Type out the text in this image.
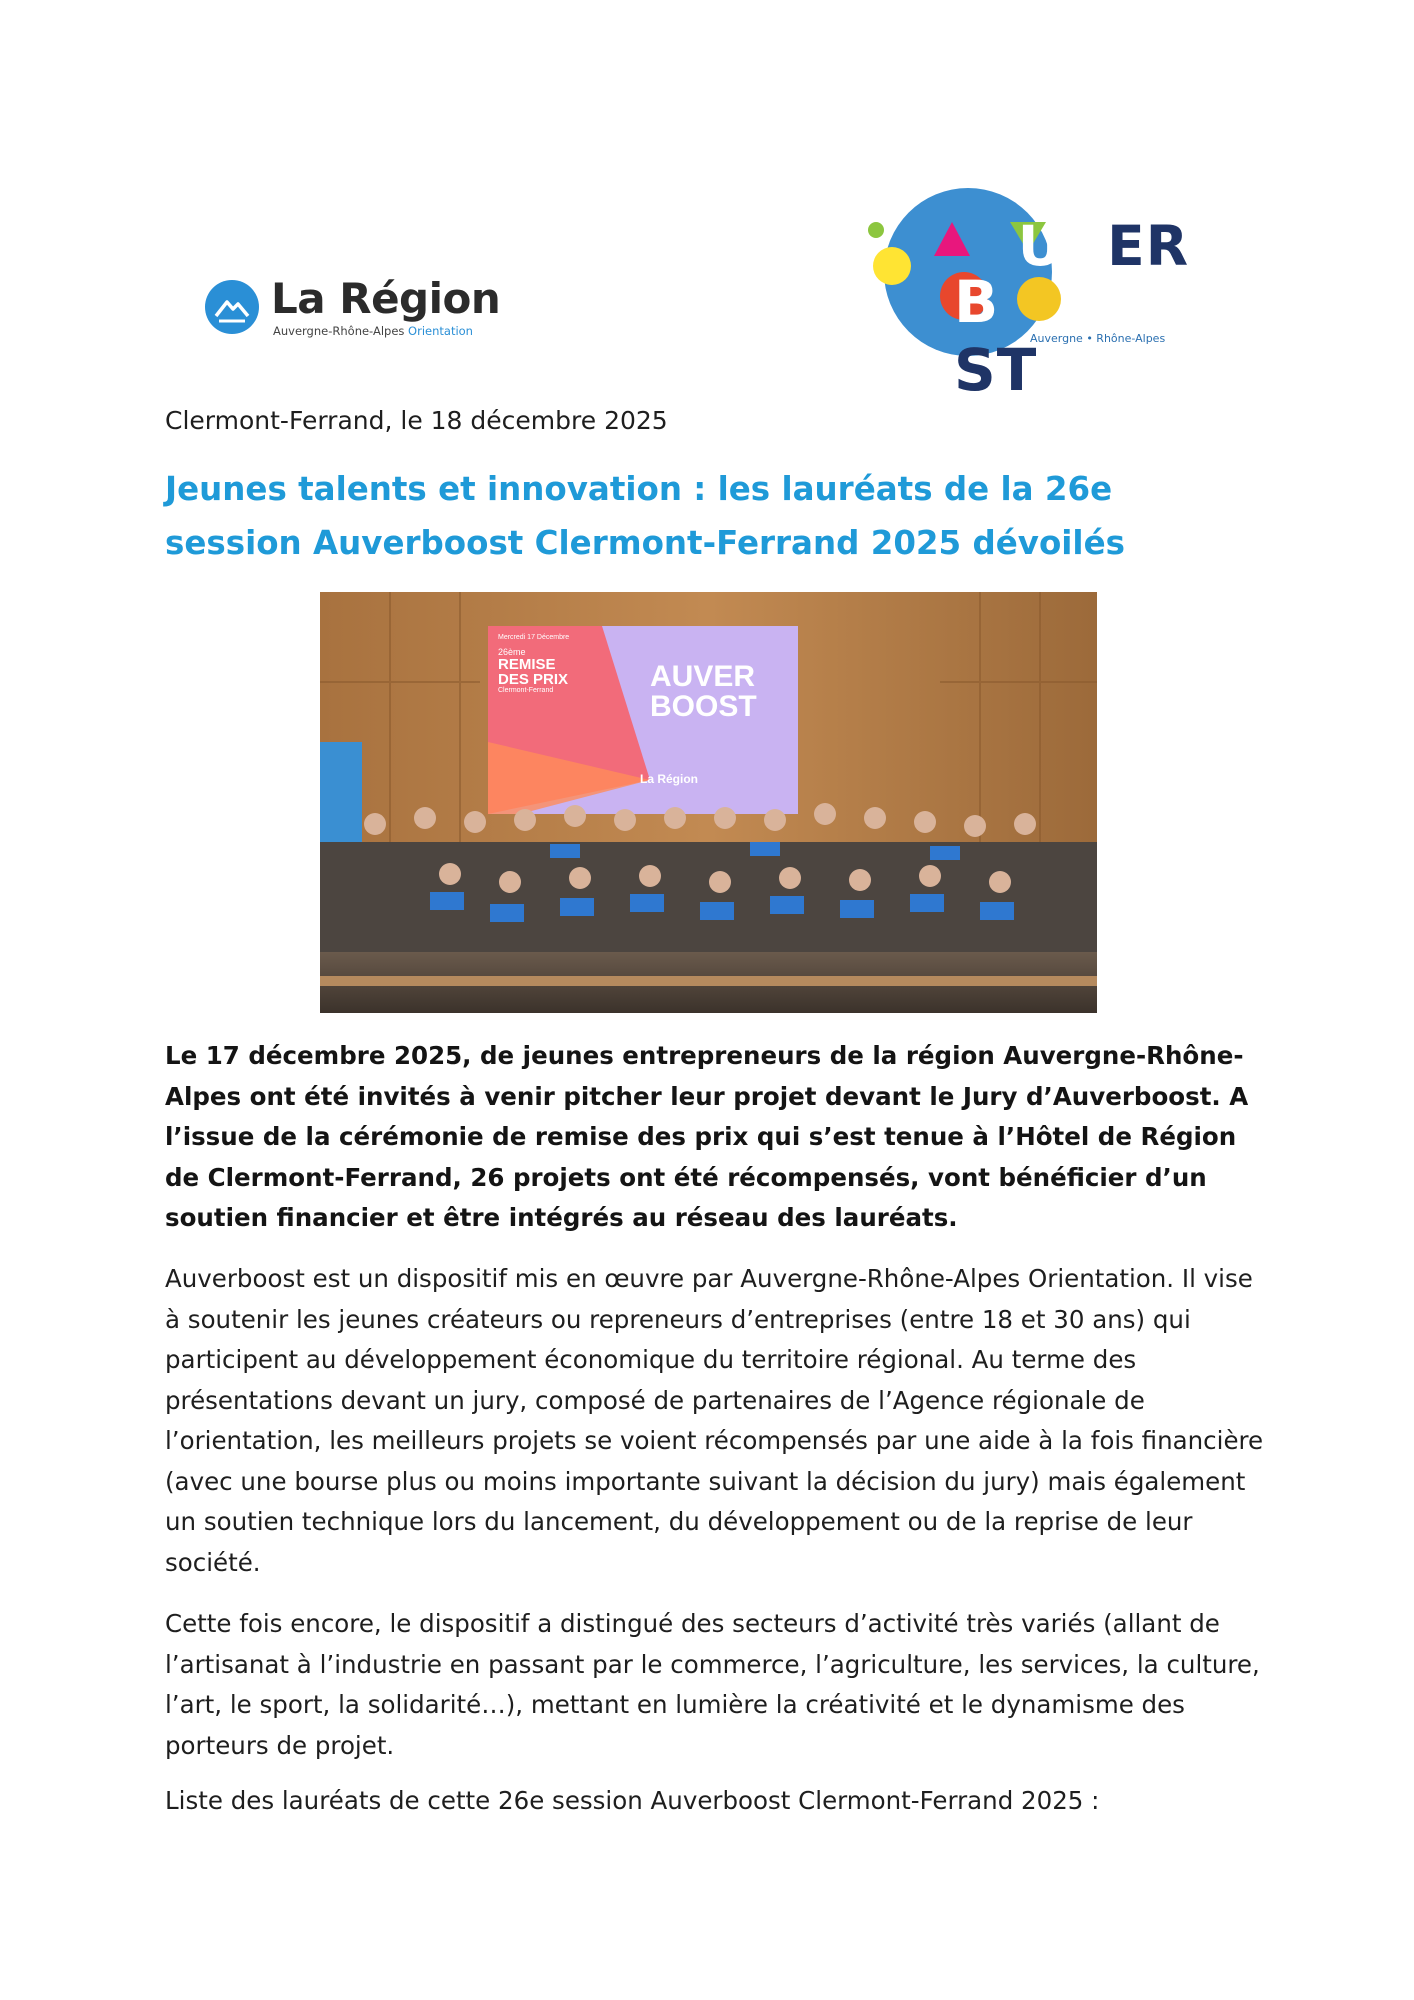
La Région
Auvergne-Rhône-Alpes Orientation
U ER
BST
Auvergne • Rhône-Alpes
Clermont-Ferrand, le 18 décembre 2025
Jeunes talents et innovation : les lauréats de la 26e session Auverboost Clermont-Ferrand 2025 dévoilés
Mercredi 17 Décembre
26ème
REMISE
DES PRIX
Clermont-Ferrand	AUVER
BOOST
La Région

Le 17 décembre 2025, de jeunes entrepreneurs de la région Auvergne-Rhône-Alpes ont été invités à venir pitcher leur projet devant le Jury d’Auverboost. A l’issue de la cérémonie de remise des prix qui s’est tenue à l’Hôtel de Région de Clermont-Ferrand, 26 projets ont été récompensés, vont bénéficier d’un soutien financier et être intégrés au réseau des lauréats.

Auverboost est un dispositif mis en œuvre par Auvergne-Rhône-Alpes Orientation. Il vise à soutenir les jeunes créateurs ou repreneurs d’entreprises (entre 18 et 30 ans) qui participent au développement économique du territoire régional. Au terme des présentations devant un jury, composé de partenaires de l’Agence régionale de l’orientation, les meilleurs projets se voient récompensés par une aide à la fois financière (avec une bourse plus ou moins importante suivant la décision du jury) mais également un soutien technique lors du lancement, du développement ou de la reprise de leur société.

Cette fois encore, le dispositif a distingué des secteurs d’activité très variés (allant de l’artisanat à l’industrie en passant par le commerce, l’agriculture, les services, la culture, l’art, le sport, la solidarité…), mettant en lumière la créativité et le dynamisme des porteurs de projet.

Liste des lauréats de cette 26e session Auverboost Clermont-Ferrand 2025 :
